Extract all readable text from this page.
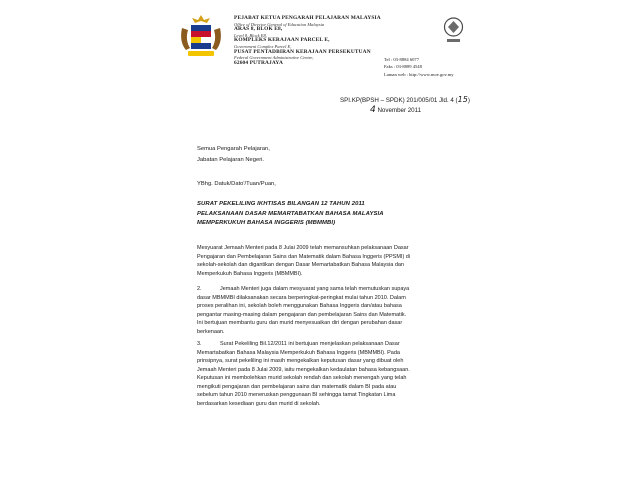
PEJABAT KETUA PENGARAH PELAJARAN MALAYSIA
Office of Director General of Education Malaysia
ARAS 8, BLOK E8,
Level 8, Block E8,
KOMPLEKS KERAJAAN PARCEL E,
Government Complex Parcel E,
PUSAT PENTADBIRAN KERAJAAN PERSEKUTUAN
Federal Government Administrative Centre,
62604 PUTRAJAYA
Tel : 03-8884 6077
Faks : 03-8889 4548
Laman web : http://www.moe.gov.my
SPI.KP(BPSH – SPDK) 201/005/01 Jld. 4 (15)
4 November 2011
Semua Pengarah Pelajaran,
Jabatan Pelajaran Negeri.
YBhg. Datuk/Dato'/Tuan/Puan,
SURAT PEKELILING IKHTISAS BILANGAN 12 TAHUN 2011
PELAKSANAAN DASAR MEMARTABATKAN BAHASA MALAYSIA
MEMPERKUKUH BAHASA INGGERIS (MBMMBI)
Mesyuarat Jemaah Menteri pada 8 Julai 2009 telah memansuhkan pelaksanaan Dasar
Pengajaran dan Pembelajaran Sains dan Matematik dalam Bahasa Inggeris (PPSMI) di
sekolah-sekolah dan digantikan dengan Dasar Memartabatkan Bahasa Malaysia dan
Memperkukuh Bahasa Inggeris (MBMMBI).
2.	Jemaah Menteri juga dalam mesyuarat yang sama telah memutuskan supaya
dasar MBMMBI dilaksanakan secara berperingkat-peringkat mulai tahun 2010. Dalam
proses peralihan ini, sekolah boleh menggunakan Bahasa Inggeris dan/atau bahasa
pengantar masing-masing dalam pengajaran dan pembelajaran Sains dan Matematik.
Ini bertujuan membantu guru dan murid menyesuaikan diri dengan perubahan dasar
berkenaan.
3.	Surat Pekeliling Bil.12/2011 ini bertujuan menjelaskan pelaksanaan Dasar
Memartabatkan Bahasa Malaysia Memperkukuh Bahasa Inggeris (MBMMBI). Pada
prinsipnya, surat pekeliling ini masih mengekalkan keputusan dasar yang dibuat oleh
Jemaah Menteri pada 8 Julai 2009, iaitu mengekalkan kedaulatan bahasa kebangsaan.
Keputusan ini membolehkan murid sekolah rendah dan sekolah menengah yang telah
mengikuti pengajaran dan pembelajaran sains dan matematik dalam BI pada atau
sebelum tahun 2010 meneruskan penggunaan BI sehingga tamat Tingkatan Lima
berdasarkan kesediaan guru dan murid di sekolah.
